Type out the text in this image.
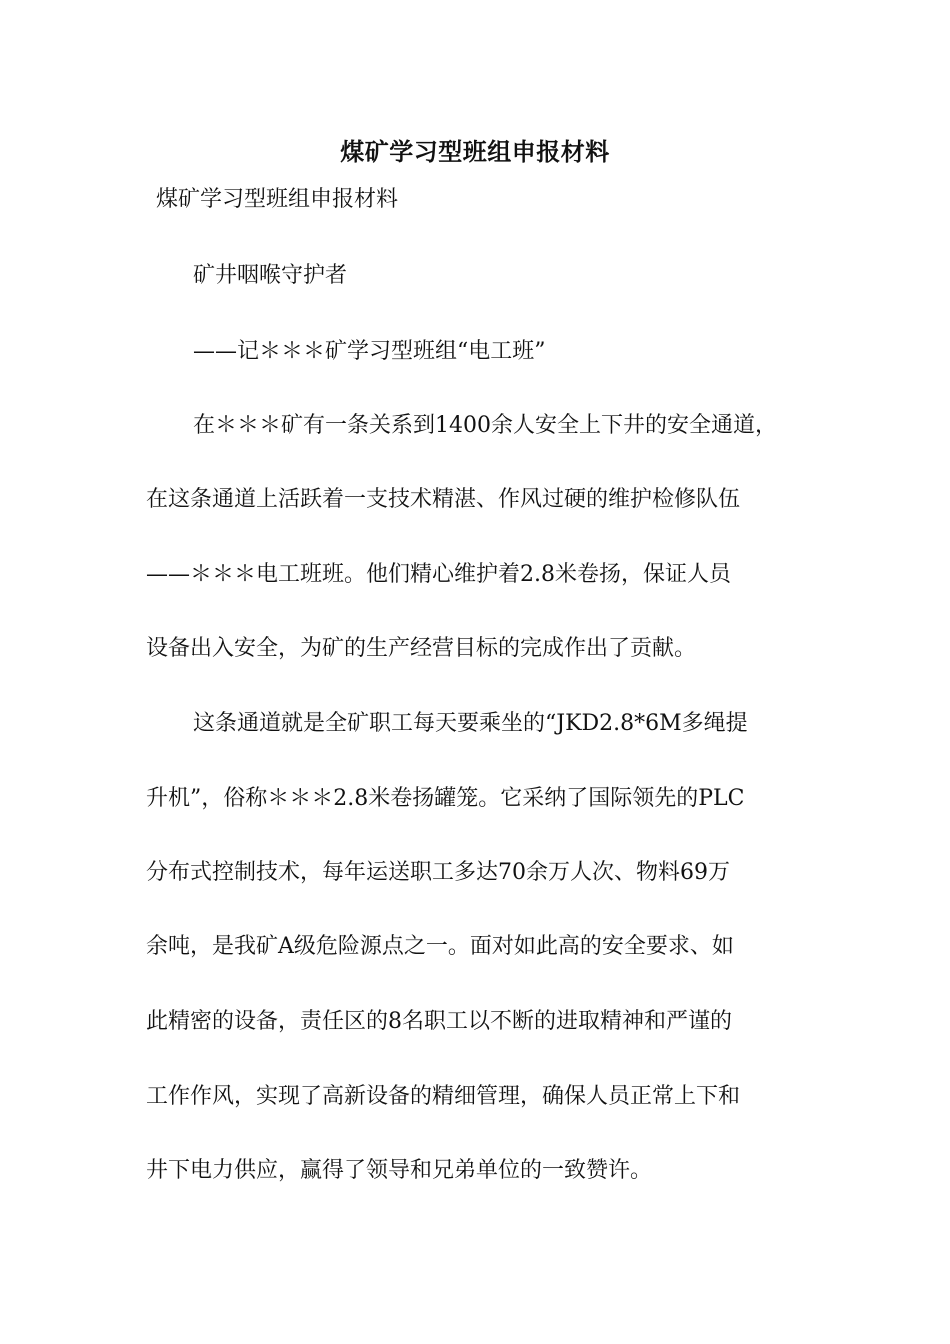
煤矿学习型班组申报材料
煤矿学习型班组申报材料
矿井咽喉守护者
——记＊＊＊矿学习型班组“电工班”
在＊＊＊矿有一条关系到1400余人安全上下井的安全通道，
在这条通道上活跃着一支技术精湛、作风过硬的维护检修队伍
——＊＊＊电工班班。他们精心维护着2.8米卷扬，保证人员
设备出入安全，为矿的生产经营目标的完成作出了贡献。
这条通道就是全矿职工每天要乘坐的“JKD2.8*6M多绳提
升机”，俗称＊＊＊2.8米卷扬罐笼。它采纳了国际领先的PLC
分布式控制技术，每年运送职工多达70余万人次、物料69万
余吨，是我矿A级危险源点之一。面对如此高的安全要求、如
此精密的设备，责任区的8名职工以不断的进取精神和严谨的
工作作风，实现了高新设备的精细管理，确保人员正常上下和
井下电力供应，赢得了领导和兄弟单位的一致赞许。
